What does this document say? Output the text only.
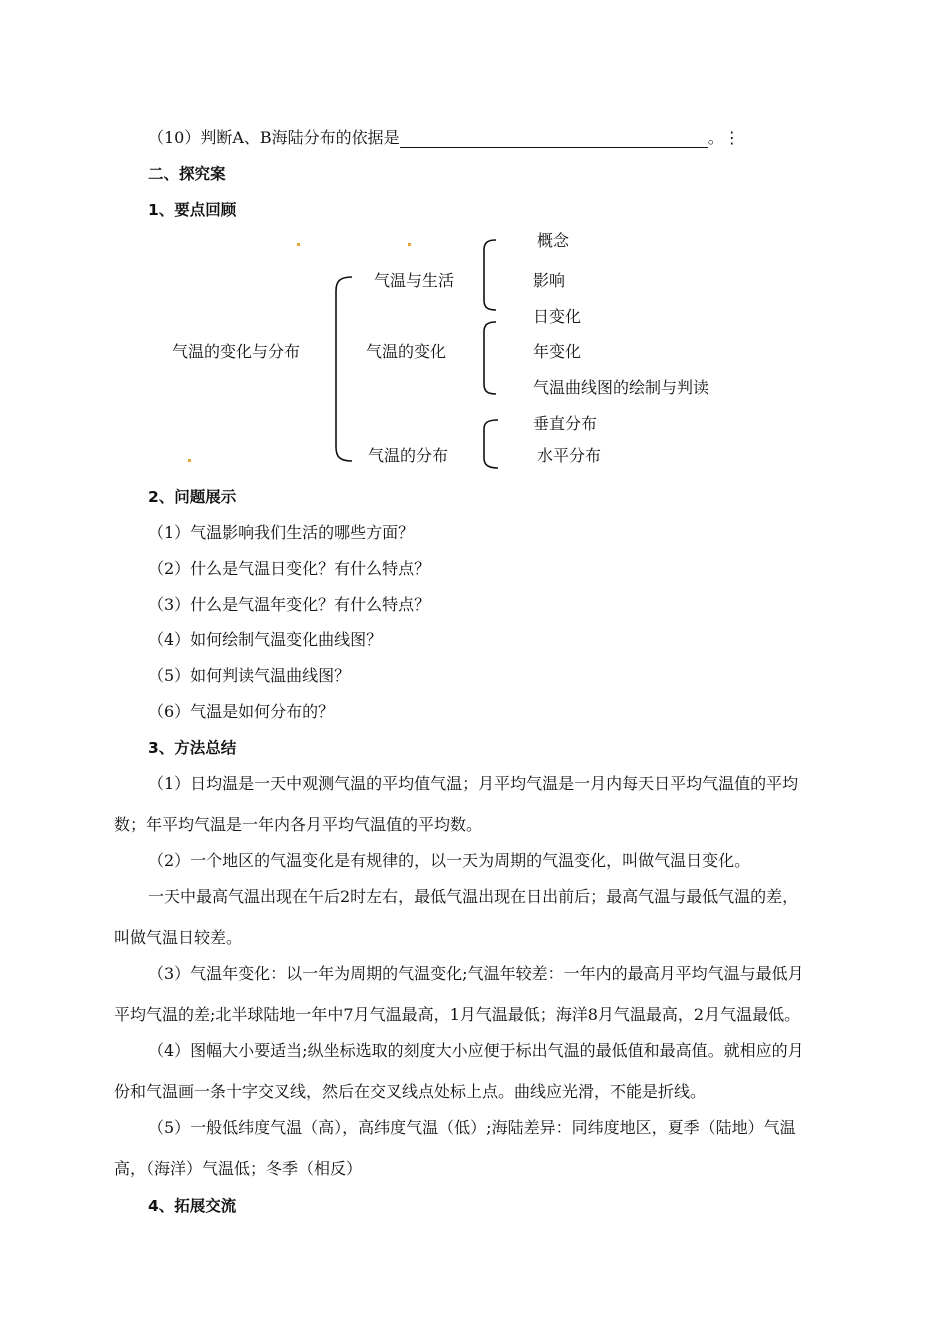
（10）判断A、B海陆分布的依据是	。⋮
二、探究案
1、要点回顾
气温的变化与分布
气温与生活
气温的变化
气温的分布
概念
影响
日变化
年变化
气温曲线图的绘制与判读
垂直分布
水平分布
2、问题展示
（1）气温影响我们生活的哪些方面？
（2）什么是气温日变化？有什么特点？
（3）什么是气温年变化？有什么特点？
（4）如何绘制气温变化曲线图？
（5）如何判读气温曲线图？
（6）气温是如何分布的？
3、方法总结
（1）日均温是一天中观测气温的平均值气温；月平均气温是一月内每天日平均气温值的平均
数；年平均气温是一年内各月平均气温值的平均数。
（2）一个地区的气温变化是有规律的，以一天为周期的气温变化，叫做气温日变化。
一天中最高气温出现在午后2时左右，最低气温出现在日出前后；最高气温与最低气温的差，
叫做气温日较差。
（3）气温年变化：以一年为周期的气温变化;气温年较差：一年内的最高月平均气温与最低月
平均气温的差;北半球陆地一年中7月气温最高，1月气温最低；海洋8月气温最高，2月气温最低。
（4）图幅大小要适当;纵坐标选取的刻度大小应便于标出气温的最低值和最高值。就相应的月
份和气温画一条十字交叉线，然后在交叉线点处标上点。曲线应光滑，不能是折线。
（5）一般低纬度气温（高），高纬度气温（低）;海陆差异：同纬度地区，夏季（陆地）气温
高，（海洋）气温低；冬季（相反）
4、拓展交流
